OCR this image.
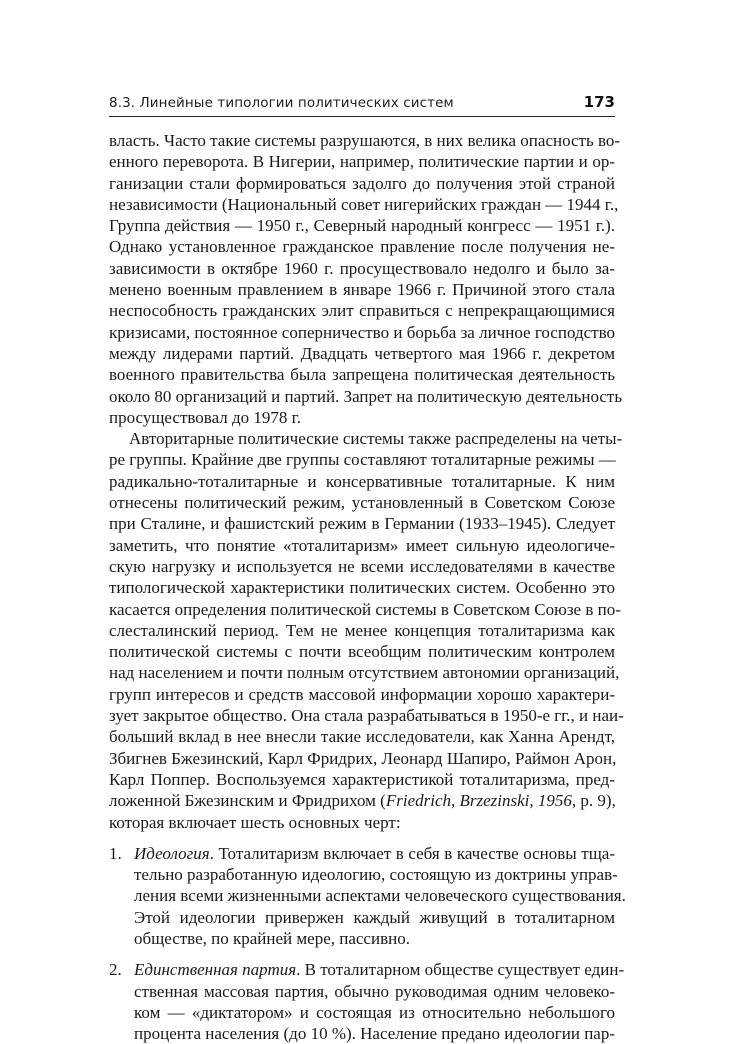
8.3. Линейные типологии политических систем	173
власть. Часто такие системы разрушаются, в них велика опасность во-
енного переворота. В Нигерии, например, политические партии и ор-
ганизации стали формироваться задолго до получения этой страной
независимости (Национальный совет нигерийских граждан — 1944 г.,
Группа действия — 1950 г., Северный народный конгресс — 1951 г.).
Однако установленное гражданское правление после получения не-
зависимости в октябре 1960 г. просуществовало недолго и было за-
менено военным правлением в январе 1966 г. Причиной этого стала
неспособность гражданских элит справиться с непрекращающимися
кризисами, постоянное соперничество и борьба за личное господство
между лидерами партий. Двадцать четвертого мая 1966 г. декретом
военного правительства была запрещена политическая деятельность
около 80 организаций и партий. Запрет на политическую деятельность
просуществовал до 1978 г.
Авторитарные политические системы также распределены на четы-
ре группы. Крайние две группы составляют тоталитарные режимы —
радикально-тоталитарные и консервативные тоталитарные. К ним
отнесены политический режим, установленный в Советском Союзе
при Сталине, и фашистский режим в Германии (1933–1945). Следует
заметить, что понятие «тоталитаризм» имеет сильную идеологиче-
скую нагрузку и используется не всеми исследователями в качестве
типологической характеристики политических систем. Особенно это
касается определения политической системы в Советском Союзе в по-
слесталинский период. Тем не менее концепция тоталитаризма как
политической системы с почти всеобщим политическим контролем
над населением и почти полным отсутствием автономии организаций,
групп интересов и средств массовой информации хорошо характери-
зует закрытое общество. Она стала разрабатываться в 1950-е гг., и наи-
больший вклад в нее внесли такие исследователи, как Ханна Арендт,
Збигнев Бжезинский, Карл Фридрих, Леонард Шапиро, Раймон Арон,
Карл Поппер. Воспользуемся характеристикой тоталитаризма, пред-
ложенной Бжезинским и Фридрихом (Friedrich, Brzezinski, 1956, р. 9),
которая включает шесть основных черт:
1. Идеология. Тоталитаризм включает в себя в качестве основы тща-
тельно разработанную идеологию, состоящую из доктрины управ-
ления всеми жизненными аспектами человеческого существования.
Этой идеологии привержен каждый живущий в тоталитарном
обществе, по крайней мере, пассивно.
2. Единственная партия. В тоталитарном обществе существует един-
ственная массовая партия, обычно руководимая одним человеко-
ком — «диктатором» и состоящая из относительно небольшого
процента населения (до 10 %). Население предано идеологии пар-
